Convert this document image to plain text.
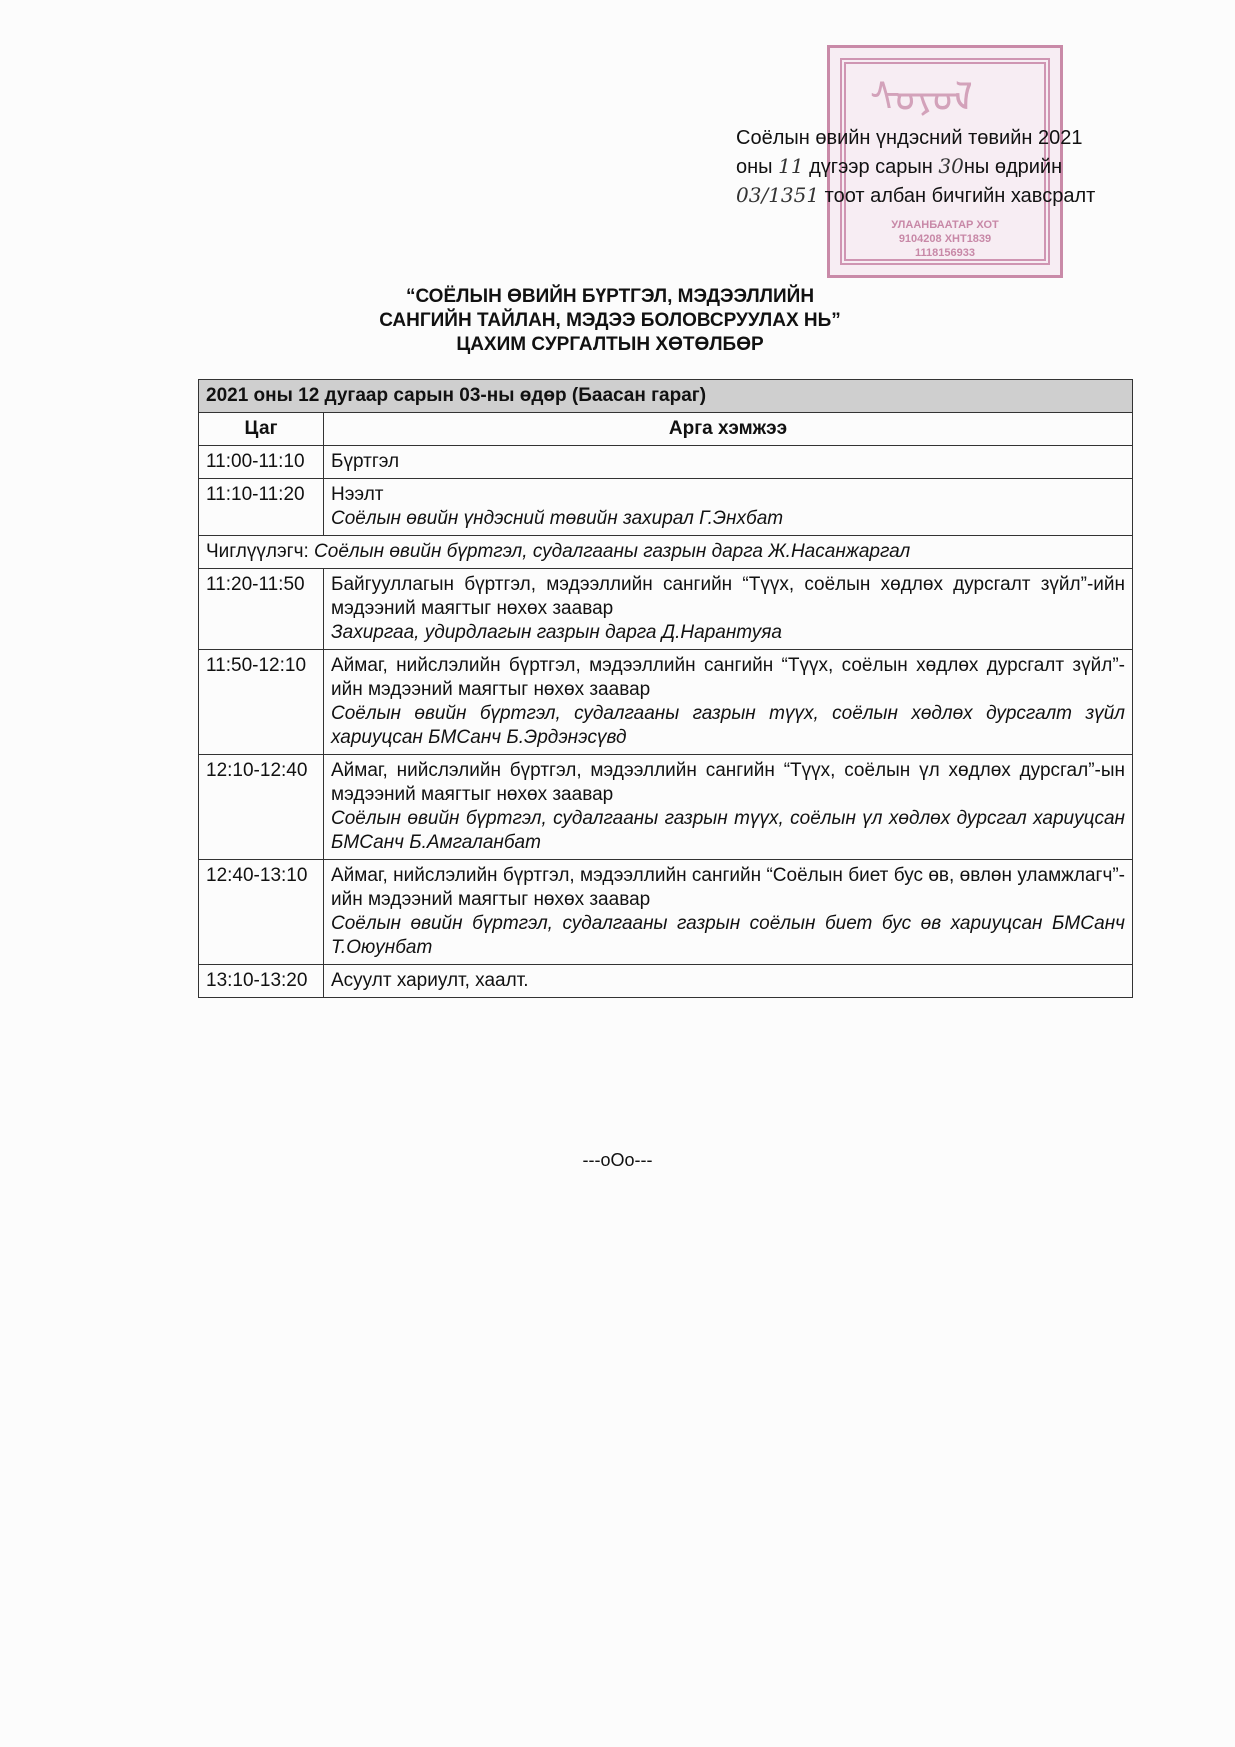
ᠰᠣᠶᠣᠯ
УЛААНБААТАР ХОТ
9104208 ХНТ1839
1118156933
Соёлын өвийн үндэсний төвийн 2021
оны 11 дүгээр сарын 30ны өдрийн
03/1351 тоот албан бичгийн хавсралт
“СОЁЛЫН ӨВИЙН БҮРТГЭЛ, МЭДЭЭЛЛИЙН
САНГИЙН ТАЙЛАН, МЭДЭЭ БОЛОВСРУУЛАХ НЬ”
ЦАХИМ СУРГАЛТЫН ХӨТӨЛБӨР
2021 оны 12 дугаар сарын 03-ны өдөр (Баасан гараг)	
Цаг	Арга хэмжээ
11:00-11:10	Бүртгэл

11:10-11:20	Нээлт
Соёлын өвийн үндэсний төвийн захирал Г.Энхбат

Чиглүүлэгч: Соёлын өвийн бүртгэл, судалгааны газрын дарга Ж.Насанжаргал	
11:20-11:50	Байгууллагын бүртгэл, мэдээллийн сангийн “Түүх, соёлын хөдлөх дурсгалт зүйл”-ийн мэдээний маягтыг нөхөх заавар
Захиргаа, удирдлагын газрын дарга Д.Нарантуяа

11:50-12:10	Аймаг, нийслэлийн бүртгэл, мэдээллийн сангийн “Түүх, соёлын хөдлөх дурсгалт зүйл”-ийн мэдээний маягтыг нөхөх заавар
Соёлын өвийн бүртгэл, судалгааны газрын түүх, соёлын хөдлөх дурсгалт зүйл хариуцсан БМСанч Б.Эрдэнэсүвд

12:10-12:40	Аймаг, нийслэлийн бүртгэл, мэдээллийн сангийн “Түүх, соёлын үл хөдлөх дурсгал”-ын мэдээний маягтыг нөхөх заавар
Соёлын өвийн бүртгэл, судалгааны газрын түүх, соёлын үл хөдлөх дурсгал хариуцсан БМСанч Б.Амгаланбат

12:40-13:10	Аймаг, нийслэлийн бүртгэл, мэдээллийн сангийн “Соёлын биет бус өв, өвлөн уламжлагч”-ийн мэдээний маягтыг нөхөх заавар
Соёлын өвийн бүртгэл, судалгааны газрын соёлын биет бус өв хариуцсан БМСанч Т.Оюунбат

13:10-13:20	Асуулт хариулт, хаалт.
---oOo---
